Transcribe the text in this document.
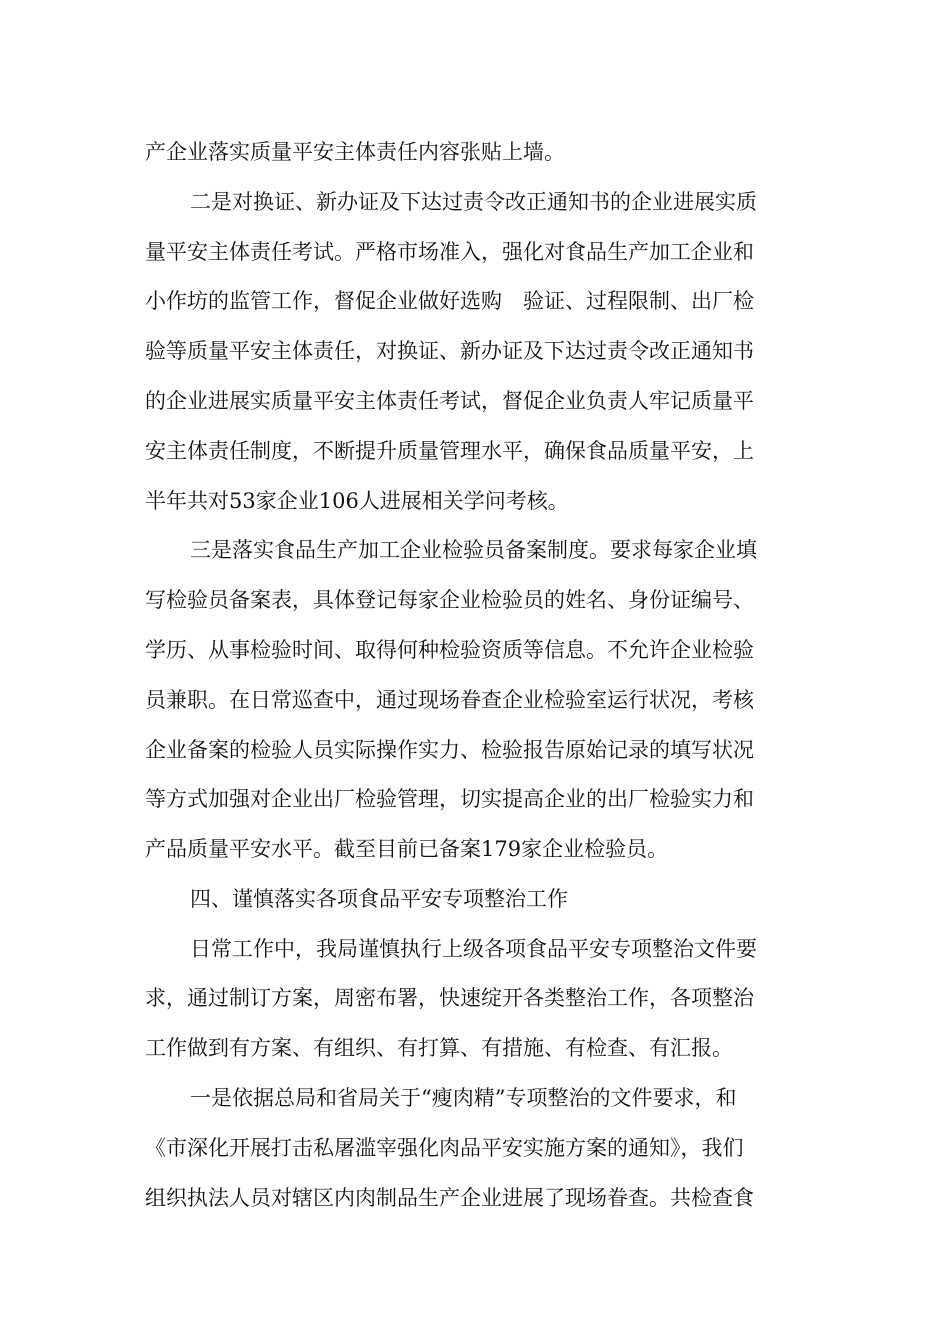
产企业落实质量平安主体责任内容张贴上墙。
二是对换证、新办证及下达过责令改正通知书的企业进展实质
量平安主体责任考试。严格市场准入，强化对食品生产加工企业和
小作坊的监管工作，督促企业做好选购　验证、过程限制、出厂检
验等质量平安主体责任，对换证、新办证及下达过责令改正通知书
的企业进展实质量平安主体责任考试，督促企业负责人牢记质量平
安主体责任制度，不断提升质量管理水平，确保食品质量平安，上
半年共对53家企业106人进展相关学问考核。
三是落实食品生产加工企业检验员备案制度。要求每家企业填
写检验员备案表，具体登记每家企业检验员的姓名、身份证编号、
学历、从事检验时间、取得何种检验资质等信息。不允许企业检验
员兼职。在日常巡查中，通过现场眷查企业检验室运行状况，考核
企业备案的检验人员实际操作实力、检验报告原始记录的填写状况
等方式加强对企业出厂检验管理，切实提高企业的出厂检验实力和
产品质量平安水平。截至目前已备案179家企业检验员。
四、谨慎落实各项食品平安专项整治工作
日常工作中，我局谨慎执行上级各项食品平安专项整治文件要
求，通过制订方案，周密布署，快速绽开各类整治工作，各项整治
工作做到有方案、有组织、有打算、有措施、有检查、有汇报。
一是依据总局和省局关于“瘦肉精”专项整治的文件要求，和
《市深化开展打击私屠滥宰强化肉品平安实施方案的通知》，我们
组织执法人员对辖区内肉制品生产企业进展了现场眷查。共检查食
